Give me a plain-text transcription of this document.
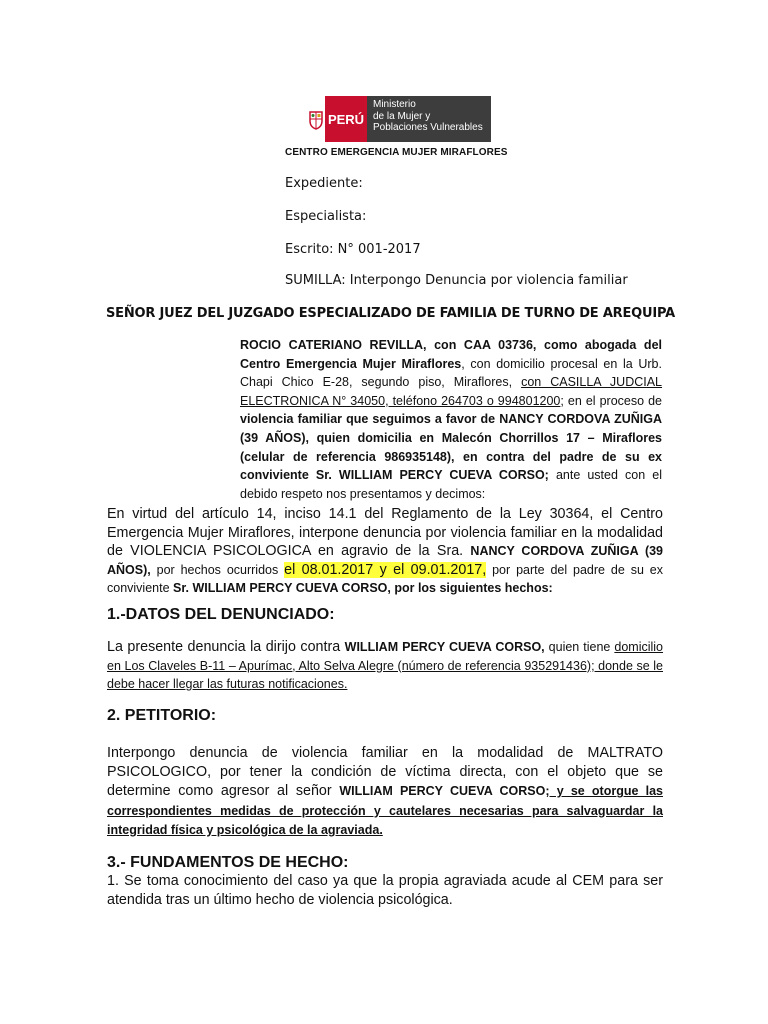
PERÚ
Ministerio
de la Mujer y
Poblaciones Vulnerables
CENTRO EMERGENCIA MUJER MIRAFLORES
Expediente:
Especialista:
Escrito: N° 001-2017
SUMILLA: Interpongo Denuncia por violencia familiar
SEÑOR JUEZ DEL JUZGADO ESPECIALIZADO DE FAMILIA DE TURNO DE AREQUIPA
ROCIO CATERIANO REVILLA, con CAA 03736, como abogada del Centro Emergencia Mujer Miraflores, con domicilio procesal en la Urb. Chapi Chico E-28, segundo piso, Miraflores, con CASILLA JUDCIAL ELECTRONICA N° 34050, teléfono 264703 o 994801200; en el proceso de violencia familiar que seguimos a favor de NANCY CORDOVA ZUÑIGA (39 AÑOS), quien domicilia en Malecón Chorrillos 17 – Miraflores (celular de referencia 986935148), en contra del padre de su ex conviviente Sr. WILLIAM PERCY CUEVA CORSO; ante usted con el debido respeto nos presentamos y decimos:
En virtud del artículo 14, inciso 14.1 del Reglamento de la Ley 30364, el Centro Emergencia Mujer Miraflores, interpone denuncia por violencia familiar en la modalidad de VIOLENCIA PSICOLOGICA en agravio de la Sra. NANCY CORDOVA ZUÑIGA (39 AÑOS), por hechos ocurridos el 08.01.2017 y el 09.01.2017, por parte del padre de su ex conviviente Sr. WILLIAM PERCY CUEVA CORSO, por los siguientes hechos:
1.-DATOS DEL DENUNCIADO:
La presente denuncia la dirijo contra WILLIAM PERCY CUEVA CORSO, quien tiene domicilio en Los Claveles B-11 – Apurímac, Alto Selva Alegre (número de referencia 935291436); donde se le debe hacer llegar las futuras notificaciones.
2. PETITORIO:
Interpongo denuncia de violencia familiar en la modalidad de MALTRATO PSICOLOGICO, por tener la condición de víctima directa, con el objeto que se determine como agresor al señor WILLIAM PERCY CUEVA CORSO; y se otorgue las correspondientes medidas de protección y cautelares necesarias para salvaguardar la integridad física y psicológica de la agraviada.
3.- FUNDAMENTOS DE HECHO:
1. Se toma conocimiento del caso ya que la propia agraviada acude al CEM para ser atendida tras un último hecho de violencia psicológica.
